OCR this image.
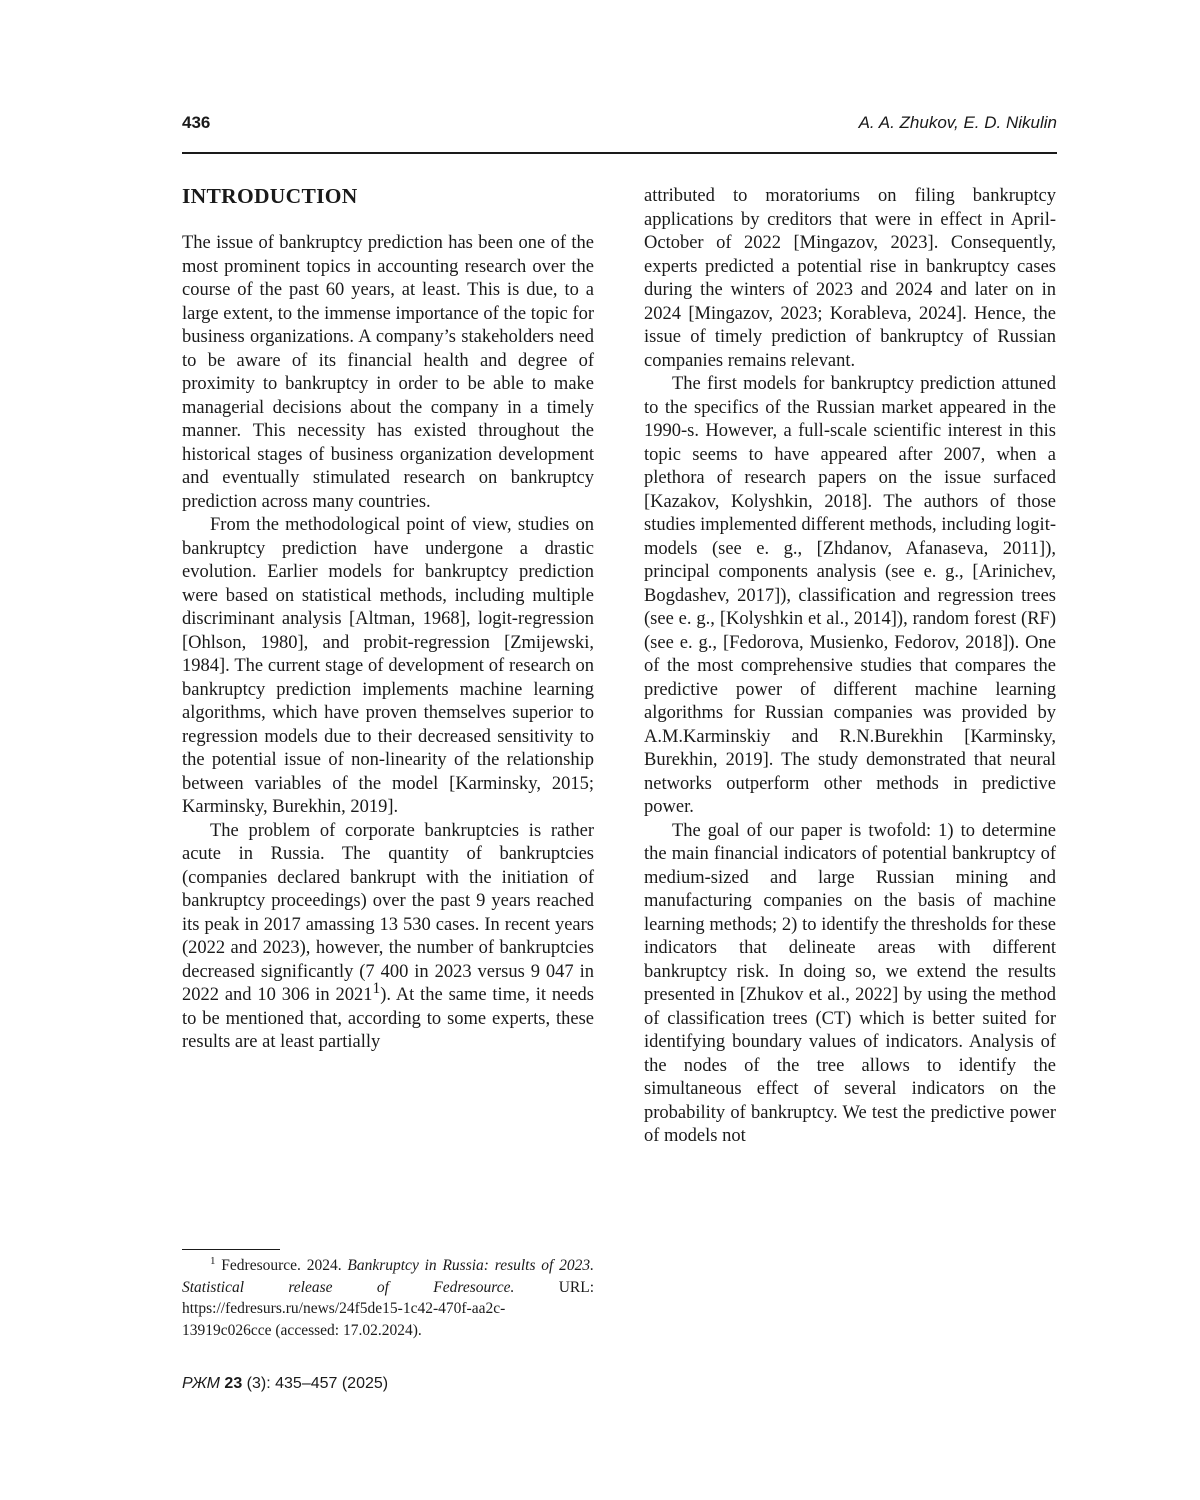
436	A. A. Zhukov, E. D. Nikulin
INTRODUCTION

The issue of bankruptcy prediction has been one of the most prominent topics in accounting research over the course of the past 60 years, at least. This is due, to a large extent, to the immense importance of the topic for business organizations. A company’s stakeholders need to be aware of its financial health and degree of proximity to bankruptcy in order to be able to make managerial decisions about the company in a timely manner. This necessity has existed throughout the historical stages of business organization development and eventually stimulated research on bankruptcy prediction across many countries.

From the methodological point of view, studies on bankruptcy prediction have undergone a drastic evolution. Earlier models for bankruptcy prediction were based on statistical methods, including multiple discriminant analysis [Altman, 1968], logit-regression [Ohlson, 1980], and probit-regression [Zmijewski, 1984]. The current stage of development of research on bankruptcy prediction implements machine learning algorithms, which have proven themselves superior to regression models due to their decreased sensitivity to the potential issue of non-linearity of the relationship between variables of the model [Karminsky, 2015; Karminsky, Burekhin, 2019].

The problem of corporate bankruptcies is rather acute in Russia. The quantity of bankruptcies (companies declared bankrupt with the initiation of bankruptcy proceedings) over the past 9 years reached its peak in 2017 amassing 13 530 cases. In recent years (2022 and 2023), however, the number of bankruptcies decreased significantly (7 400 in 2023 versus 9 047 in 2022 and 10 306 in 2021$^1$). At the same time, it needs to be mentioned that, according to some experts, these results are at least partially

attributed to moratoriums on filing bankruptcy applications by creditors that were in effect in April-October of 2022 [Mingazov, 2023]. Consequently, experts predicted a potential rise in bankruptcy cases during the winters of 2023 and 2024 and later on in 2024 [Mingazov, 2023; Korableva, 2024]. Hence, the issue of timely prediction of bankruptcy of Russian companies remains relevant.

The first models for bankruptcy prediction attuned to the specifics of the Russian market appeared in the 1990-s. However, a full-scale scientific interest in this topic seems to have appeared after 2007, when a plethora of research papers on the issue surfaced [Kazakov, Kolyshkin, 2018]. The authors of those studies implemented different methods, including logit-models (see e. g., [Zhdanov, Afanaseva, 2011]), principal components analysis (see e. g., [Arinichev, Bogdashev, 2017]), classification and regression trees (see e. g., [Kolyshkin et al., 2014]), random forest (RF) (see e. g., [Fedorova, Musienko, Fedorov, 2018]). One of the most comprehensive studies that compares the predictive power of different machine learning algorithms for Russian companies was provided by A.M.Karminskiy and R.N.Burekhin [Karminsky, Burekhin, 2019]. The study demonstrated that neural networks outperform other methods in predictive power.

The goal of our paper is twofold: 1) to determine the main financial indicators of potential bankruptcy of medium-sized and large Russian mining and manufacturing companies on the basis of machine learning methods; 2) to identify the thresholds for these indicators that delineate areas with different bankruptcy risk. In doing so, we extend the results presented in [Zhukov et al., 2022] by using the method of classification trees (CT) which is better suited for identifying boundary values of indicators. Analysis of the nodes of the tree allows to identify the simultaneous effect of several indicators on the probability of bankruptcy. We test the predictive power of models not

$^1$ Fedresource. 2024. Bankruptcy in Russia: results of 2023. Statistical release of Fedresource.	URL: https://fedresurs.ru/news/24f5de15-1c42-470f-aa2c-13919c026cce (accessed: 17.02.2024).

РЖМ 23 (3): 435–457 (2025)
